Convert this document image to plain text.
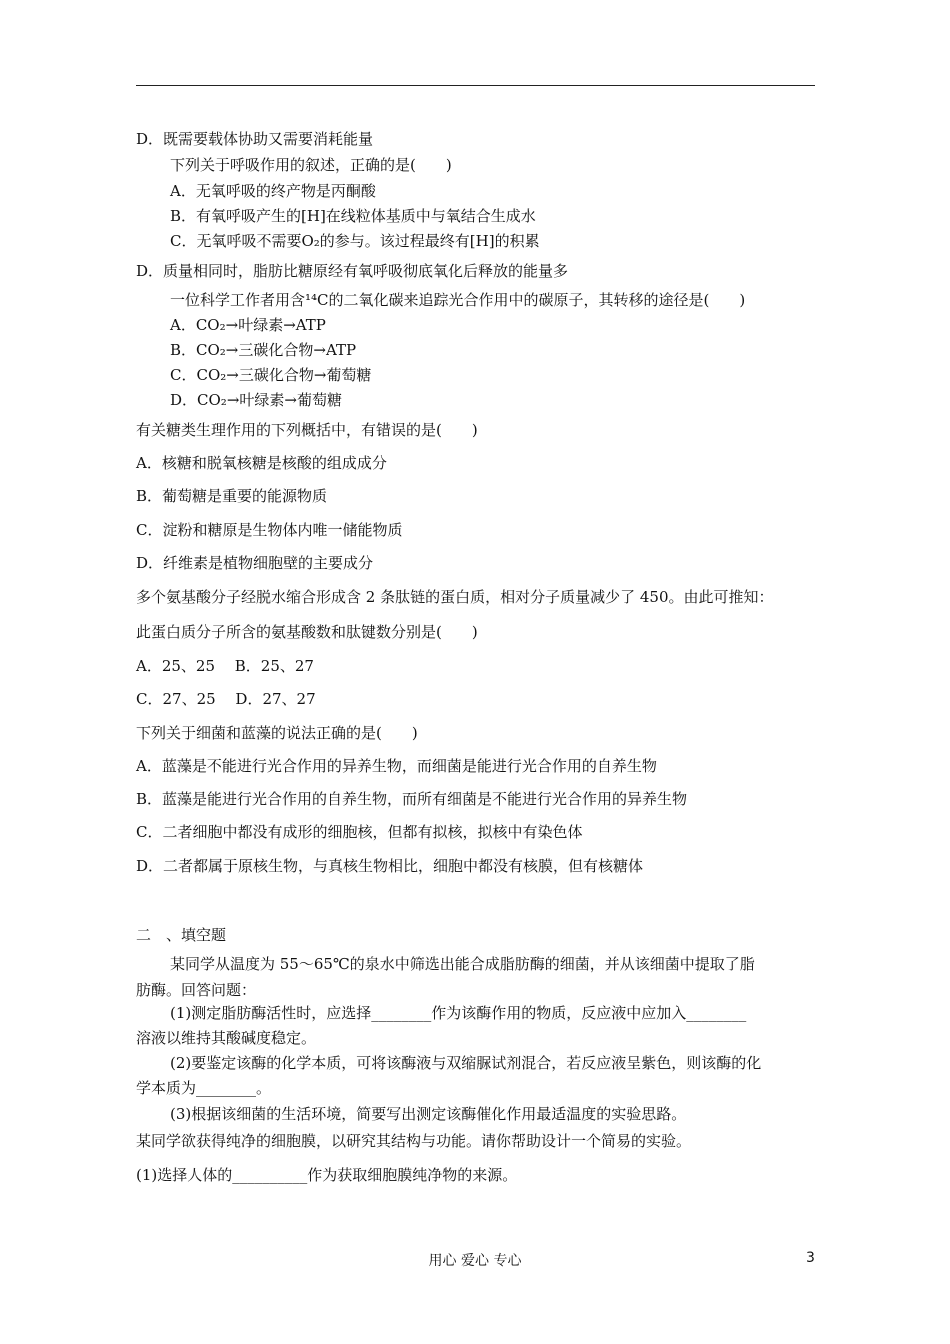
D．既需要载体协助又需要消耗能量
下列关于呼吸作用的叙述，正确的是(　　)
A．无氧呼吸的终产物是丙酮酸
B．有氧呼吸产生的[H]在线粒体基质中与氧结合生成水
C．无氧呼吸不需要O₂的参与。该过程最终有[H]的积累
D．质量相同时，脂肪比糖原经有氧呼吸彻底氧化后释放的能量多
一位科学工作者用含¹⁴C的二氧化碳来追踪光合作用中的碳原子，其转移的途径是(　　)
A．CO₂→叶绿素→ATP
B．CO₂→三碳化合物→ATP
C．CO₂→三碳化合物→葡萄糖
D．CO₂→叶绿素→葡萄糖
有关糖类生理作用的下列概括中，有错误的是(　　)
A．核糖和脱氧核糖是核酸的组成成分
B．葡萄糖是重要的能源物质
C．淀粉和糖原是生物体内唯一储能物质
D．纤维素是植物细胞壁的主要成分
多个氨基酸分子经脱水缩合形成含 2 条肽链的蛋白质，相对分子质量减少了 450。由此可推知：
此蛋白质分子所含的氨基酸数和肽键数分别是(　　)
A．25、25　 B．25、27
C．27、25　 D．27、27
下列关于细菌和蓝藻的说法正确的是(　　)
A．蓝藻是不能进行光合作用的异养生物，而细菌是能进行光合作用的自养生物
B．蓝藻是能进行光合作用的自养生物，而所有细菌是不能进行光合作用的异养生物
C．二者细胞中都没有成形的细胞核，但都有拟核，拟核中有染色体
D．二者都属于原核生物，与真核生物相比，细胞中都没有核膜，但有核糖体
二　、填空题
某同学从温度为 55～65℃的泉水中筛选出能合成脂肪酶的细菌，并从该细菌中提取了脂
肪酶。回答问题：
(1)测定脂肪酶活性时，应选择________作为该酶作用的物质，反应液中应加入________
溶液以维持其酸碱度稳定。
(2)要鉴定该酶的化学本质，可将该酶液与双缩脲试剂混合，若反应液呈紫色，则该酶的化
学本质为________。
(3)根据该细菌的生活环境，简要写出测定该酶催化作用最适温度的实验思路。
某同学欲获得纯净的细胞膜，以研究其结构与功能。请你帮助设计一个简易的实验。
(1)选择人体的__________作为获取细胞膜纯净物的来源。
用心 爱心 专心	3
